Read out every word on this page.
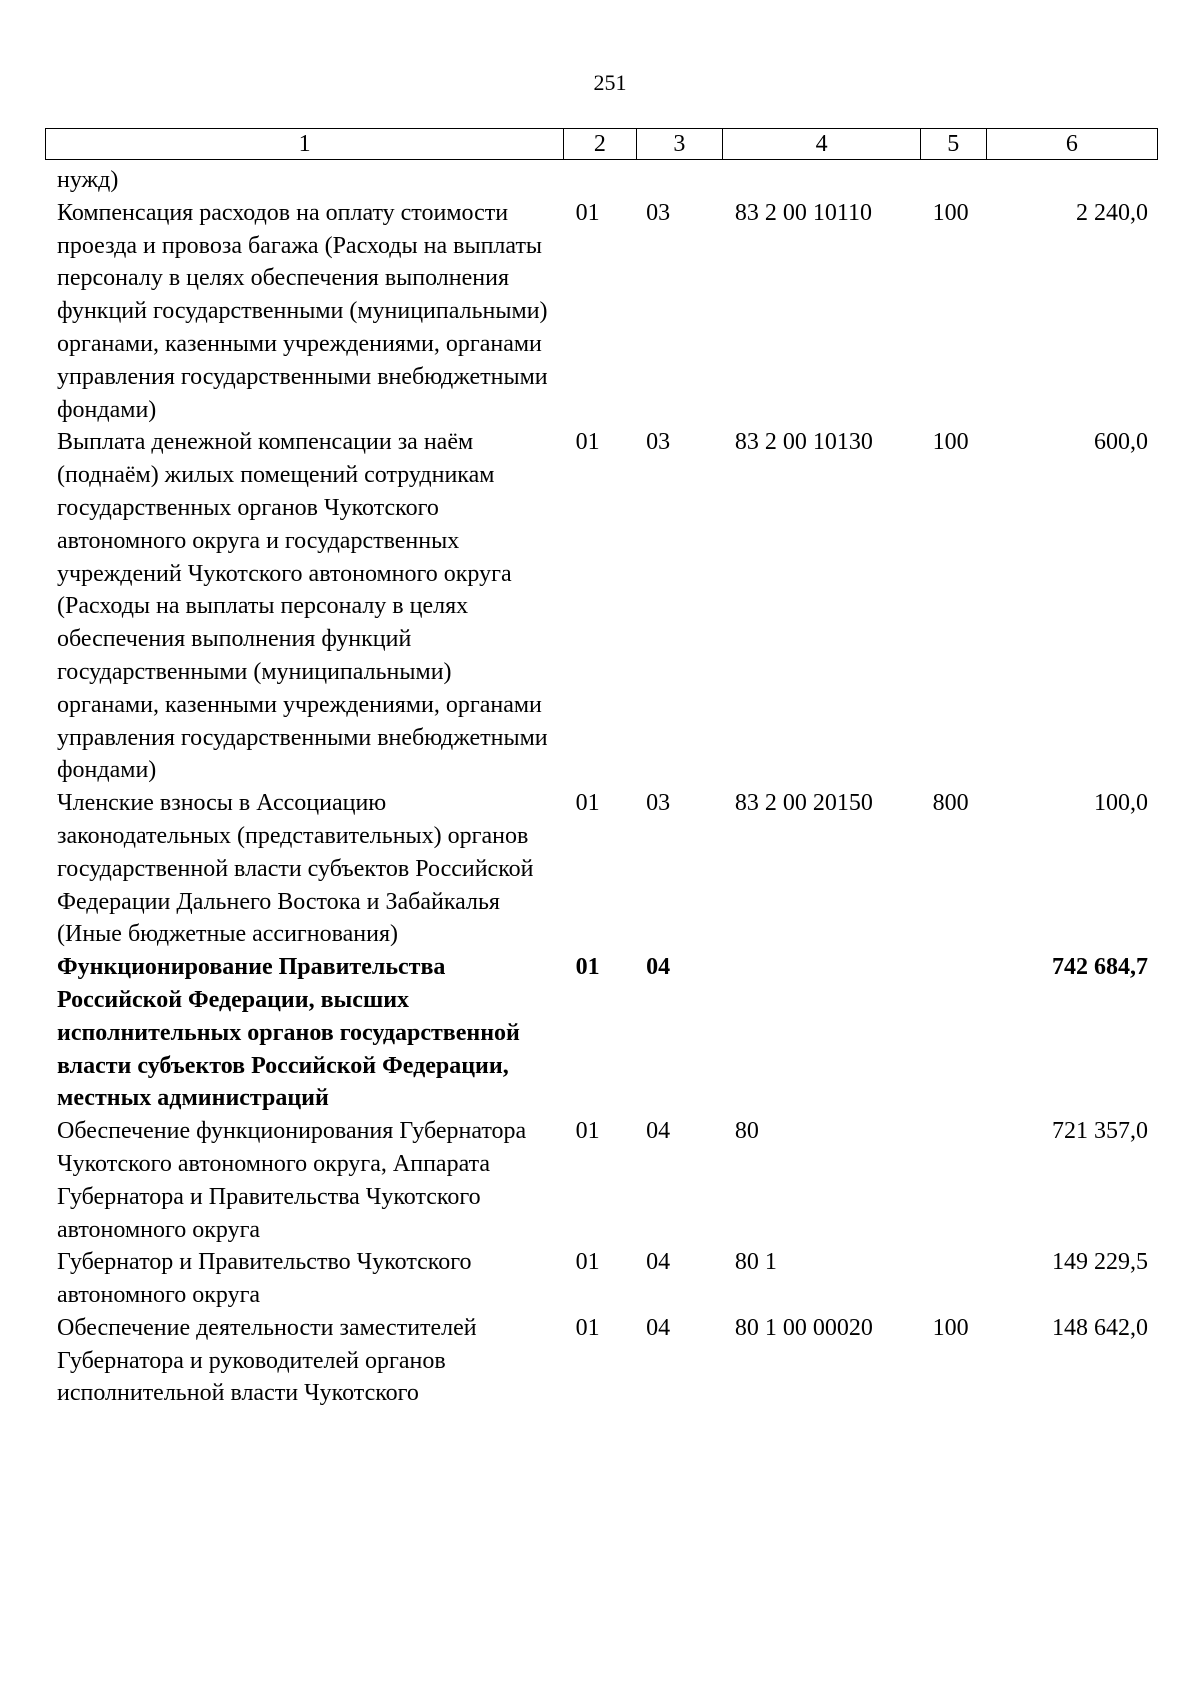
251
1	2	3	4	5	6
нужд)					
Компенсация расходов на оплату стоимости проезда и провоза багажа (Расходы на выплаты персоналу в целях обеспечения выполнения функций государственными (муниципальными) органами, казенными учреждениями, органами управления государственными внебюджетными фондами)	01	03	83 2 00 10110	100	2 240,0
Выплата денежной компенсации за наём (поднаём) жилых помещений сотрудникам государственных органов Чукотского автономного округа и государственных учреждений Чукотского автономного округа (Расходы на выплаты персоналу в целях обеспечения выполнения функций государственными (муниципальными) органами, казенными учреждениями, органами управления государственными внебюджетными фондами)	01	03	83 2 00 10130	100	600,0
Членские взносы в Ассоциацию законодательных (представительных) органов государственной власти субъектов Российской Федерации Дальнего Востока и Забайкалья (Иные бюджетные ассигнования)	01	03	83 2 00 20150	800	100,0
Функционирование Правительства Российской Федерации, высших исполнительных органов государственной власти субъектов Российской Федерации, местных администраций	01	04			742 684,7
Обеспечение функционирования Губернатора Чукотского автономного округа, Аппарата Губернатора и Правительства Чукотского автономного округа	01	04	80		721 357,0
Губернатор и Правительство Чукотского автономного округа	01	04	80 1		149 229,5
Обеспечение деятельности заместителей Губернатора и руководителей органов исполнительной власти Чукотского	01	04	80 1 00 00020	100	148 642,0
